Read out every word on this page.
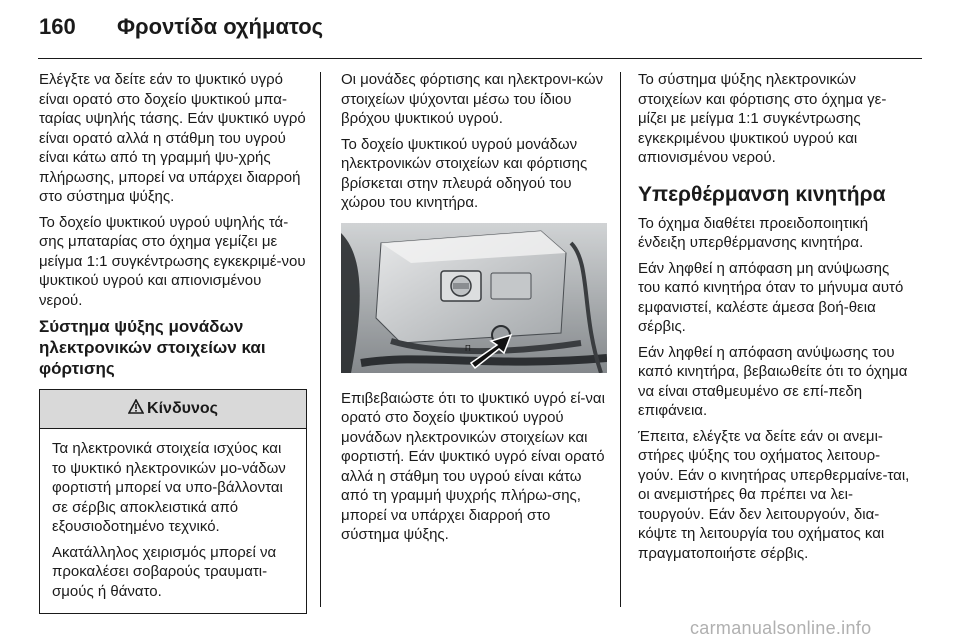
160 Φροντίδα οχήματος

Ελέγξτε να δείτε εάν το ψυκτικό υγρό είναι ορατό στο δοχείο ψυκτικού μπα-ταρίας υψηλής τάσης. Εάν ψυκτικό υγρό είναι ορατό αλλά η στάθμη του υγρού είναι κάτω από τη γραμμή ψυ-χρής πλήρωσης, μπορεί να υπάρχει διαρροή στο σύστημα ψύξης.

Το δοχείο ψυκτικού υγρού υψηλής τά-σης μπαταρίας στο όχημα γεμίζει με μείγμα 1:1 συγκέντρωσης εγκεκριμέ-νου ψυκτικού υγρού και απιονισμένου νερού.

Σύστημα ψύξης μονάδων ηλεκτρονικών στοιχείων και φόρτισης
Κίνδυνος

Τα ηλεκτρονικά στοιχεία ισχύος και το ψυκτικό ηλεκτρονικών μο-νάδων φορτιστή μπορεί να υπο-βάλλονται σε σέρβις αποκλειστικά από εξουσιοδοτημένο τεχνικό.

Ακατάλληλος χειρισμός μπορεί να προκαλέσει σοβαρούς τραυματι-σμούς ή θάνατο.

Οι μονάδες φόρτισης και ηλεκτρονι-κών στοιχείων ψύχονται μέσω του ίδιου βρόχου ψυκτικού υγρού.

Το δοχείο ψυκτικού υγρού μονάδων ηλεκτρονικών στοιχείων και φόρτισης βρίσκεται στην πλευρά οδηγού του χώρου του κινητήρα.

Π

Επιβεβαιώστε ότι το ψυκτικό υγρό εί-ναι ορατό στο δοχείο ψυκτικού υγρού μονάδων ηλεκτρονικών στοιχείων και φορτιστή. Εάν ψυκτικό υγρό είναι ορατό αλλά η στάθμη του υγρού είναι κάτω από τη γραμμή ψυχρής πλήρω-σης, μπορεί να υπάρχει διαρροή στο σύστημα ψύξης.

Το σύστημα ψύξης ηλεκτρονικών στοιχείων και φόρτισης στο όχημα γε-μίζει με μείγμα 1:1 συγκέντρωσης εγκεκριμένου ψυκτικού υγρού και απιονισμένου νερού.

Υπερθέρμανση κινητήρα

Το όχημα διαθέτει προειδοποιητική ένδειξη υπερθέρμανσης κινητήρα.

Εάν ληφθεί η απόφαση μη ανύψωσης του καπό κινητήρα όταν το μήνυμα αυτό εμφανιστεί, καλέστε άμεσα βοή-θεια σέρβις.

Εάν ληφθεί η απόφαση ανύψωσης του καπό κινητήρα, βεβαιωθείτε ότι το όχημα να είναι σταθμευμένο σε επί-πεδη επιφάνεια.

Έπειτα, ελέγξτε να δείτε εάν οι ανεμι-στήρες ψύξης του οχήματος λειτουρ-γούν. Εάν ο κινητήρας υπερθερμαίνε-ται, οι ανεμιστήρες θα πρέπει να λει-τουργούν. Εάν δεν λειτουργούν, δια-κόψτε τη λειτουργία του οχήματος και πραγματοποιήστε σέρβις.

carmanualsonline.info
